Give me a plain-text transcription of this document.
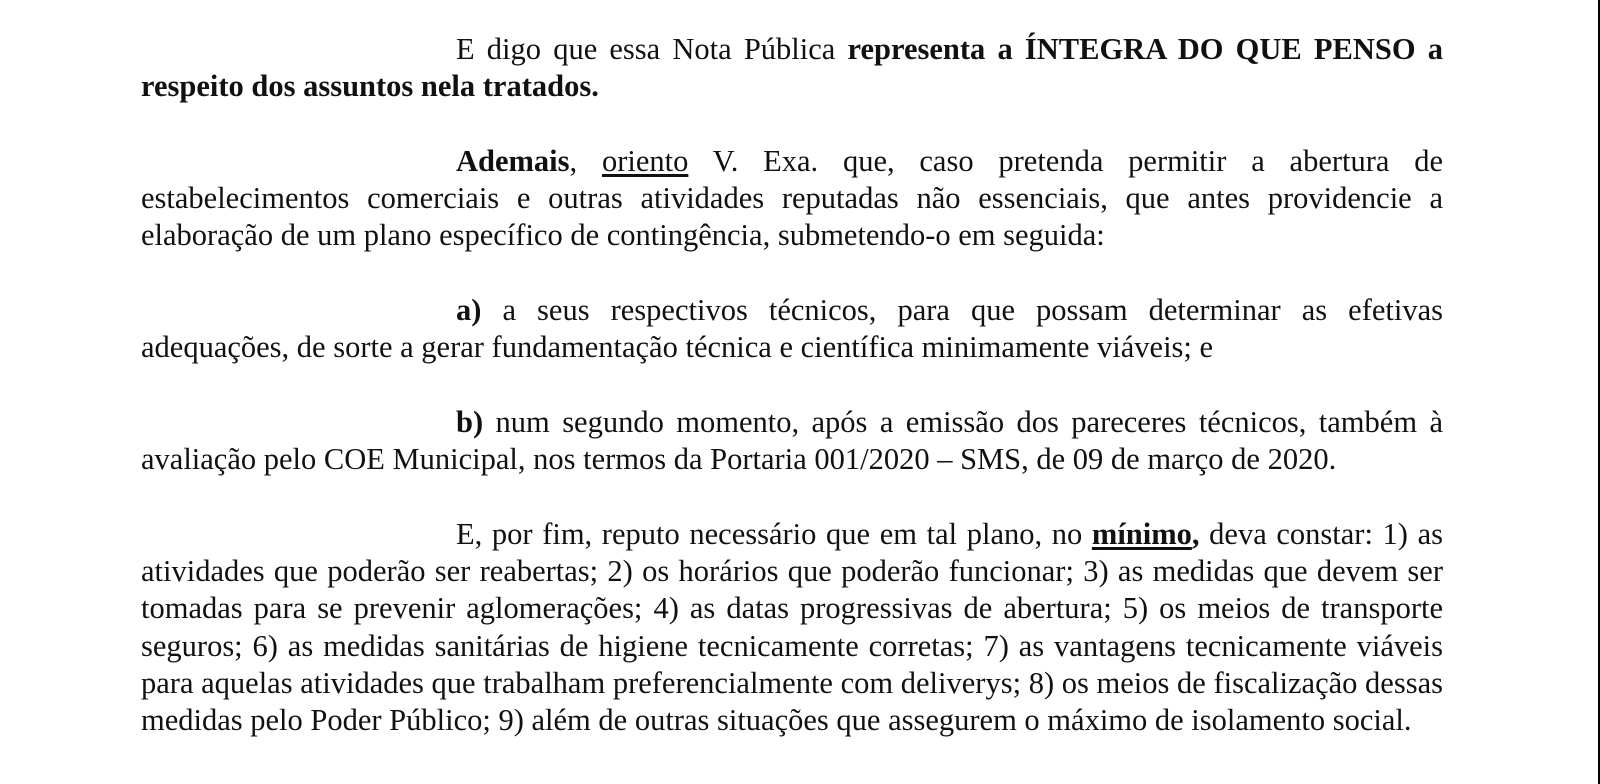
E digo que essa Nota Pública representa a ÍNTEGRA DO QUE PENSO a respeito dos assuntos nela tratados.

Ademais, oriento V. Exa. que, caso pretenda permitir a abertura de estabelecimentos comerciais e outras atividades reputadas não essenciais, que antes providencie a elaboração de um plano específico de contingência, submetendo-o em seguida:

a) a seus respectivos técnicos, para que possam determinar as efetivas adequações, de sorte a gerar fundamentação técnica e científica minimamente viáveis; e

b) num segundo momento, após a emissão dos pareceres técnicos, também à avaliação pelo COE Municipal, nos termos da Portaria 001/2020 – SMS, de 09 de março de 2020.

E, por fim, reputo necessário que em tal plano, no mínimo, deva constar: 1) as atividades que poderão ser reabertas; 2) os horários que poderão funcionar; 3) as medidas que devem ser tomadas para se prevenir aglomerações; 4) as datas progressivas de abertura; 5) os meios de transporte seguros; 6) as medidas sanitárias de higiene tecnicamente corretas; 7) as vantagens tecnicamente viáveis para aquelas atividades que trabalham preferencialmente com deliverys; 8) os meios de fiscalização dessas medidas pelo Poder Público; 9) além de outras situações que assegurem o máximo de isolamento social.
